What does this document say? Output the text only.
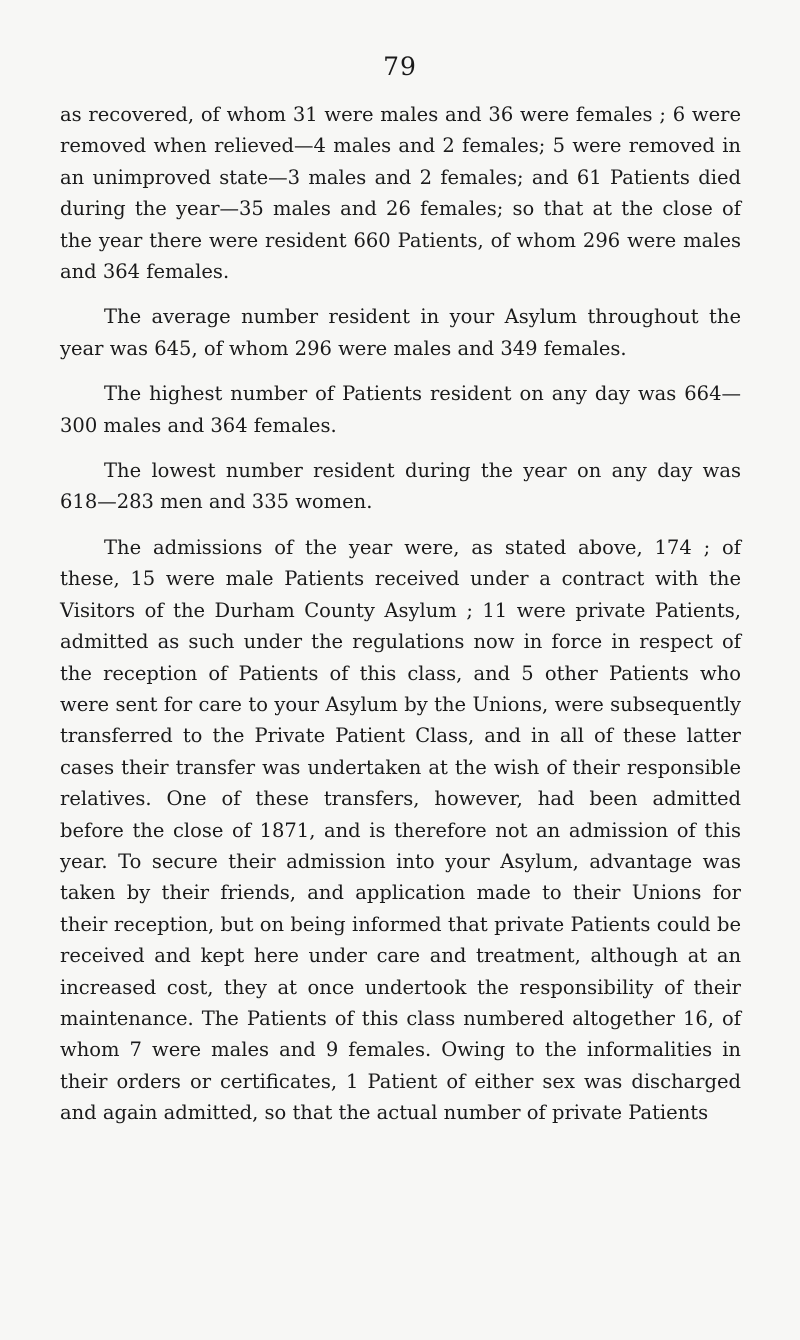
79

as recovered, of whom 31 were males and 36 were females ; 6 were removed when relieved—4 males and 2 females; 5 were removed in an unimproved state—3 males and 2 females; and 61 Patients died during the year—35 males and 26 females; so that at the close of the year there were resident 660 Patients, of whom 296 were males and 364 females.

The average number resident in your Asylum throughout the year was 645, of whom 296 were males and 349 females.

The highest number of Patients resident on any day was 664—300 males and 364 females.

The lowest number resident during the year on any day was 618—283 men and 335 women.

The admissions of the year were, as stated above, 174 ; of these, 15 were male Patients received under a contract with the Visitors of the Durham County Asylum ; 11 were private Patients, admitted as such under the regulations now in force in respect of the reception of Patients of this class, and 5 other Patients who were sent for care to your Asylum by the Unions, were subsequently transferred to the Private Patient Class, and in all of these latter cases their transfer was undertaken at the wish of their responsible relatives. One of these transfers, however, had been admitted before the close of 1871, and is therefore not an admission of this year. To secure their admission into your Asylum, advantage was taken by their friends, and application made to their Unions for their reception, but on being informed that private Patients could be received and kept here under care and treatment, although at an increased cost, they at once undertook the responsibility of their maintenance. The Patients of this class numbered altogether 16, of whom 7 were males and 9 females. Owing to the informalities in their orders or certificates, 1 Patient of either sex was discharged and again admitted, so that the actual number of private Patients
